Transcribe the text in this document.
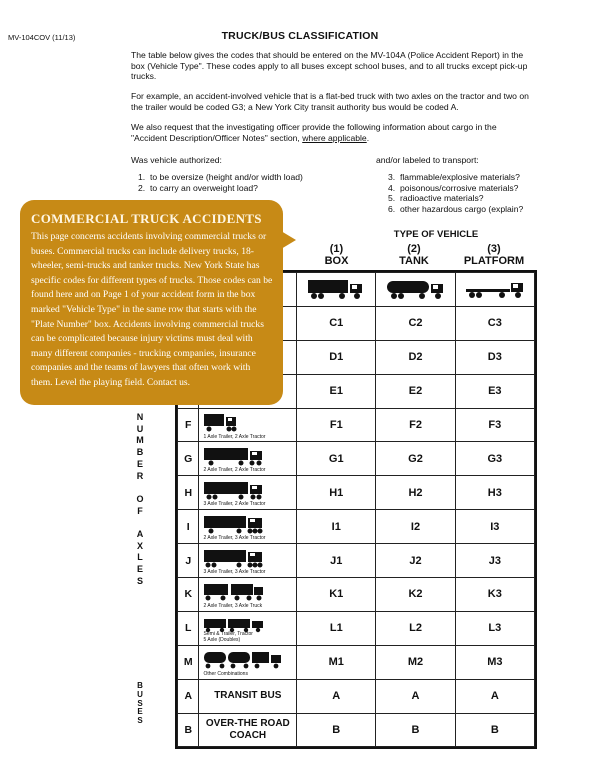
MV-104COV (11/13)	TRUCK/BUS CLASSIFICATION

The table below gives the codes that should be entered on the MV-104A (Police Accident Report) in the box (Vehicle Type". These codes apply to all buses except school buses, and to all trucks except pick-up trucks.

For example, an accident-involved vehicle that is a flat-bed truck with two axles on the tractor and two on the trailer would be coded G3; a New York City transit authority bus would be coded A.

We also request that the investigating officer provide the following information about cargo in the "Accident Description/Officer Notes" section, where applicable.

Was vehicle authorized:	and/or labeled to transport:
1. to be oversize (height and/or width load)
2. to carry an overweight load?
3. flammable/explosive materials?
4. poisonous/corrosive materials?
5. radioactive materials?
6. other hazardous cargo (explain?
TYPE OF VEHICLE
(1)
BOX
(2)
TANK
(3)
PLATFORM

		C1	C2	C3
		D1	D2	D3
		E1	E2	E3
F	1 Axle Trailer, 2 Axle Tractor	F1	F2	F3
G	2 Axle Trailer, 2 Axle Tractor	G1	G2	G3
H	3 Axle Trailer, 2 Axle Tractor	H1	H2	H3
I	2 Axle Trailer, 3 Axle Tractor	I1	I2	I3
J	3 Axle Trailer, 3 Axle Tractor	J1	J2	J3
K	2 Axle Trailer, 3 Axle Truck	K1	K2	K3
L	Semi & Trailer, Tractor
5 Axle (Doubles)	L1	L2	L3
M	Other Combinations	M1	M2	M3
A	TRANSIT BUS	A	A	A
B	OVER-THE ROAD COACH	B	B	B
N
U
M
B
E
R

O
F

A
X
L
E
S
B
U
S
E
S
COMMERCIAL TRUCK ACCIDENTS
This page concerns accidents involving commercial trucks or buses. Commercial trucks can include delivery trucks, 18-wheeler, semi-trucks and tanker trucks. New York State has specific codes for different types of trucks. Those codes can be found here and on Page 1 of your accident form in the box marked "Vehicle Type" in the same row that starts with the "Plate Number" box. Accidents involving commercial trucks can be complicated because injury victims must deal with many different companies - trucking companies, insurance companies and the teams of lawyers that often work with them. Level the playing field. Contact us.
